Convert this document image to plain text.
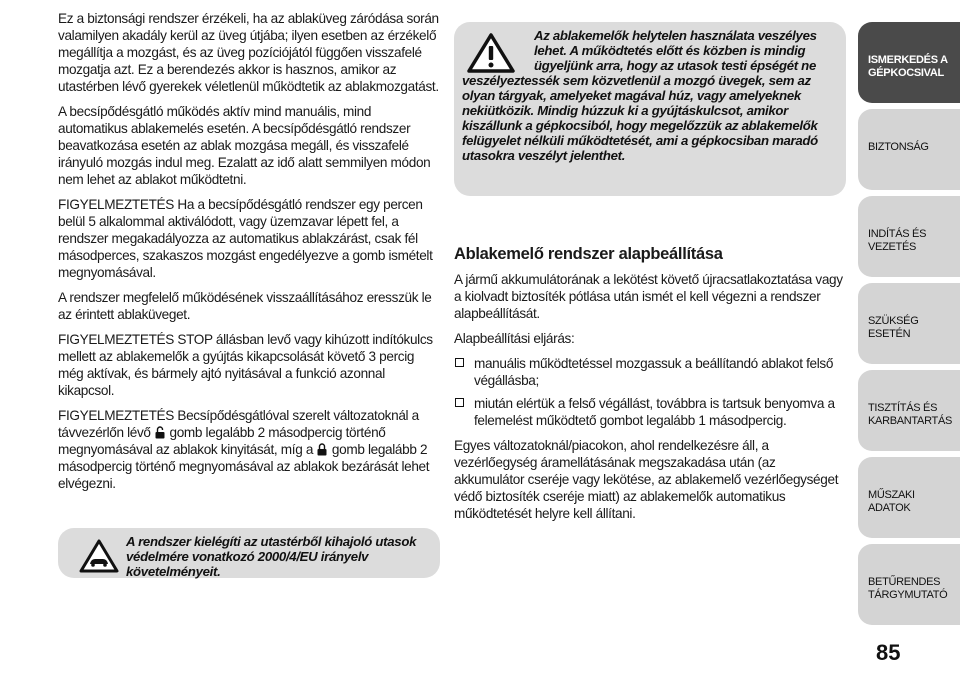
Ez a biztonsági rendszer érzékeli, ha az ablaküveg záródása során valamilyen akadály kerül az üveg útjába; ilyen esetben az érzékelő megállítja a mozgást, és az üveg pozíciójától függően visszafelé mozgatja azt. Ez a berendezés akkor is hasznos, amikor az utastérben lévő gyerekek véletlenül működtetik az ablakmozgatást.

A becsípődésgátló működés aktív mind manuális, mind automatikus ablakemelés esetén. A becsípődésgátló rendszer beavatkozása esetén az ablak mozgása megáll, és visszafelé irányuló mozgás indul meg. Ezalatt az idő alatt semmilyen módon nem lehet az ablakot működtetni.

FIGYELMEZTETÉS Ha a becsípődésgátló rendszer egy percen belül 5 alkalommal aktiválódott, vagy üzemzavar lépett fel, a rendszer megakadályozza az automatikus ablakzárást, csak fél másodperces, szakaszos mozgást engedélyezve a gomb ismételt megnyomásával.

A rendszer megfelelő működésének visszaállításához eresszük le az érintett ablaküveget.

FIGYELMEZTETÉS STOP állásban levő vagy kihúzott indítókulcs mellett az ablakemelők a gyújtás kikapcsolását követő 3 percig még aktívak, és bármely ajtó nyitásával a funkció azonnal kikapcsol.

FIGYELMEZTETÉS Becsípődésgátlóval szerelt változatoknál a távvezérlőn lévő gomb legalább 2 másodpercig történő megnyomásával az ablakok kinyitását, míg a gomb legalább 2 másodpercig történő megnyomásával az ablakok bezárását lehet elvégezni.

Az ablakemelők helytelen használata veszélyes lehet. A működtetés előtt és közben is mindig ügyeljünk arra, hogy az utasok testi épségét ne veszélyeztessék sem közvetlenül a mozgó üvegek, sem az olyan tárgyak, amelyeket magával húz, vagy amelyeknek nekiütközik. Mindig húzzuk ki a gyújtáskulcsot, amikor kiszállunk a gépkocsiból, hogy megelőzzük az ablakemelők felügyelet nélküli működtetését, ami a gépkocsiban maradó utasokra veszélyt jelenthet.
A rendszer kielégíti az utastérből kihajoló utasok védelmére vonatkozó 2000/4/EU irányelv követelményeit.
Ablakemelő rendszer alapbeállítása

A jármű akkumulátorának a lekötést követő újracsatlakoztatása vagy a kiolvadt biztosíték pótlása után ismét el kell végezni a rendszer alapbeállítását.

Alapbeállítási eljárás:

manuális működtetéssel mozgassuk a beállítandó ablakot felső végállásba;
miután elértük a felső végállást, továbbra is tartsuk benyomva a felemelést működtető gombot legalább 1 másodpercig.

Egyes változatoknál/piacokon, ahol rendelkezésre áll, a vezérlőegység áramellátásának megszakadása után (az akkumulátor cseréje vagy lekötése, az ablakemelő vezérlőegységet védő biztosíték cseréje miatt) az ablakemelők automatikus működtetését helyre kell állítani.

ISMERKEDÉS A GÉPKOCSIVAL
BIZTONSÁG
INDÍTÁS ÉS VEZETÉS
SZÜKSÉG ESETÉN
TISZTÍTÁS ÉS KARBANTARTÁS
MŰSZAKI ADATOK
BETŰRENDES TÁRGYMUTATÓ
85
